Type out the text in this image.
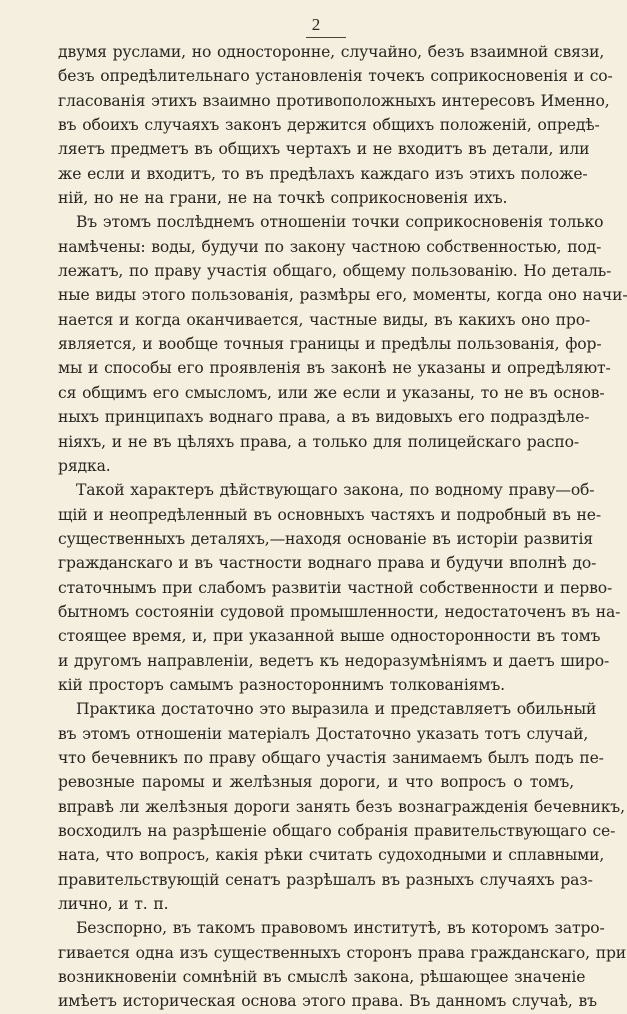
2

двумя руслами, но одностороннe, случайно, безъ взаимной связи,
безъ опредѣлительнаго установленія точекъ соприкосновенія и со-
гласованія этихъ взаимно противоположныхъ интересовъ Именно,
въ обоихъ случаяхъ законъ держится общихъ положеній, опредѣ-
ляетъ предметъ въ общихъ чертахъ и не входитъ въ детали, или
же если и входитъ, то въ предѣлахъ каждаго изъ этихъ положе-
ній, но не на грани, не на точкѣ соприкосновенія ихъ.

Въ этомъ послѣднемъ отношеніи точки соприкосновенія только
намѣчены: воды, будучи по закону частною собственностью, под-
лежатъ, по праву участія общаго, общему пользованію. Но деталь-
ные виды этого пользованія, размѣры его, моменты, когда оно начи-
нается и когда оканчивается, частные виды, въ какихъ оно про-
является, и вообще точныя границы и предѣлы пользованія, фор-
мы и способы его проявленія въ законѣ не указаны и опредѣляют-
ся общимъ его смысломъ, или же если и указаны, то не въ основ-
ныхъ принципахъ воднаго права, а въ видовыхъ его подраздѣле-
ніяхъ, и не въ цѣляхъ права, а только для полицейскаго распо-
рядка.

Такой характеръ дѣйствующаго закона, по водному праву—об-
щій и неопредѣленный въ основныхъ частяхъ и подробный въ не-
существенныхъ деталяхъ,—находя основаніе въ исторіи развитія
гражданскаго и въ частности воднаго права и будучи вполнѣ до-
статочнымъ при слабомъ развитіи частной собственности и перво-
бытномъ состояніи судовой промышленности, недостаточенъ въ на-
стоящее время, и, при указанной выше односторонности въ томъ
и другомъ направленіи, ведетъ къ недоразумѣніямъ и даетъ широ-
кій просторъ самымъ разностороннимъ толкованіямъ.

Практика достаточно это выразила и представляетъ обильный
въ этомъ отношеніи матеріалъ Достаточно указать тотъ случай,
что бечевникъ по праву общаго участія занимаемъ былъ подъ пе-
ревозные паромы и желѣзныя дороги, и что вопросъ о томъ,
вправѣ ли желѣзныя дороги занять безъ вознагражденія бечевникъ,
восходилъ на разрѣшеніе общаго собранія правительствующаго се-
ната, что вопросъ, какія рѣки считать судоходными и сплавными,
правительствующій сенатъ разрѣшалъ въ разныхъ случаяхъ раз-
лично, и т. п.

Безспорно, въ такомъ правовомъ институтѣ, въ которомъ затро-
гивается одна изъ существенныхъ сторонъ права гражданскаго, при
возникновеніи сомнѣній въ смыслѣ закона, рѣшающее значеніе
имѣетъ историческая основа этого права. Въ данномъ случаѣ, въ
